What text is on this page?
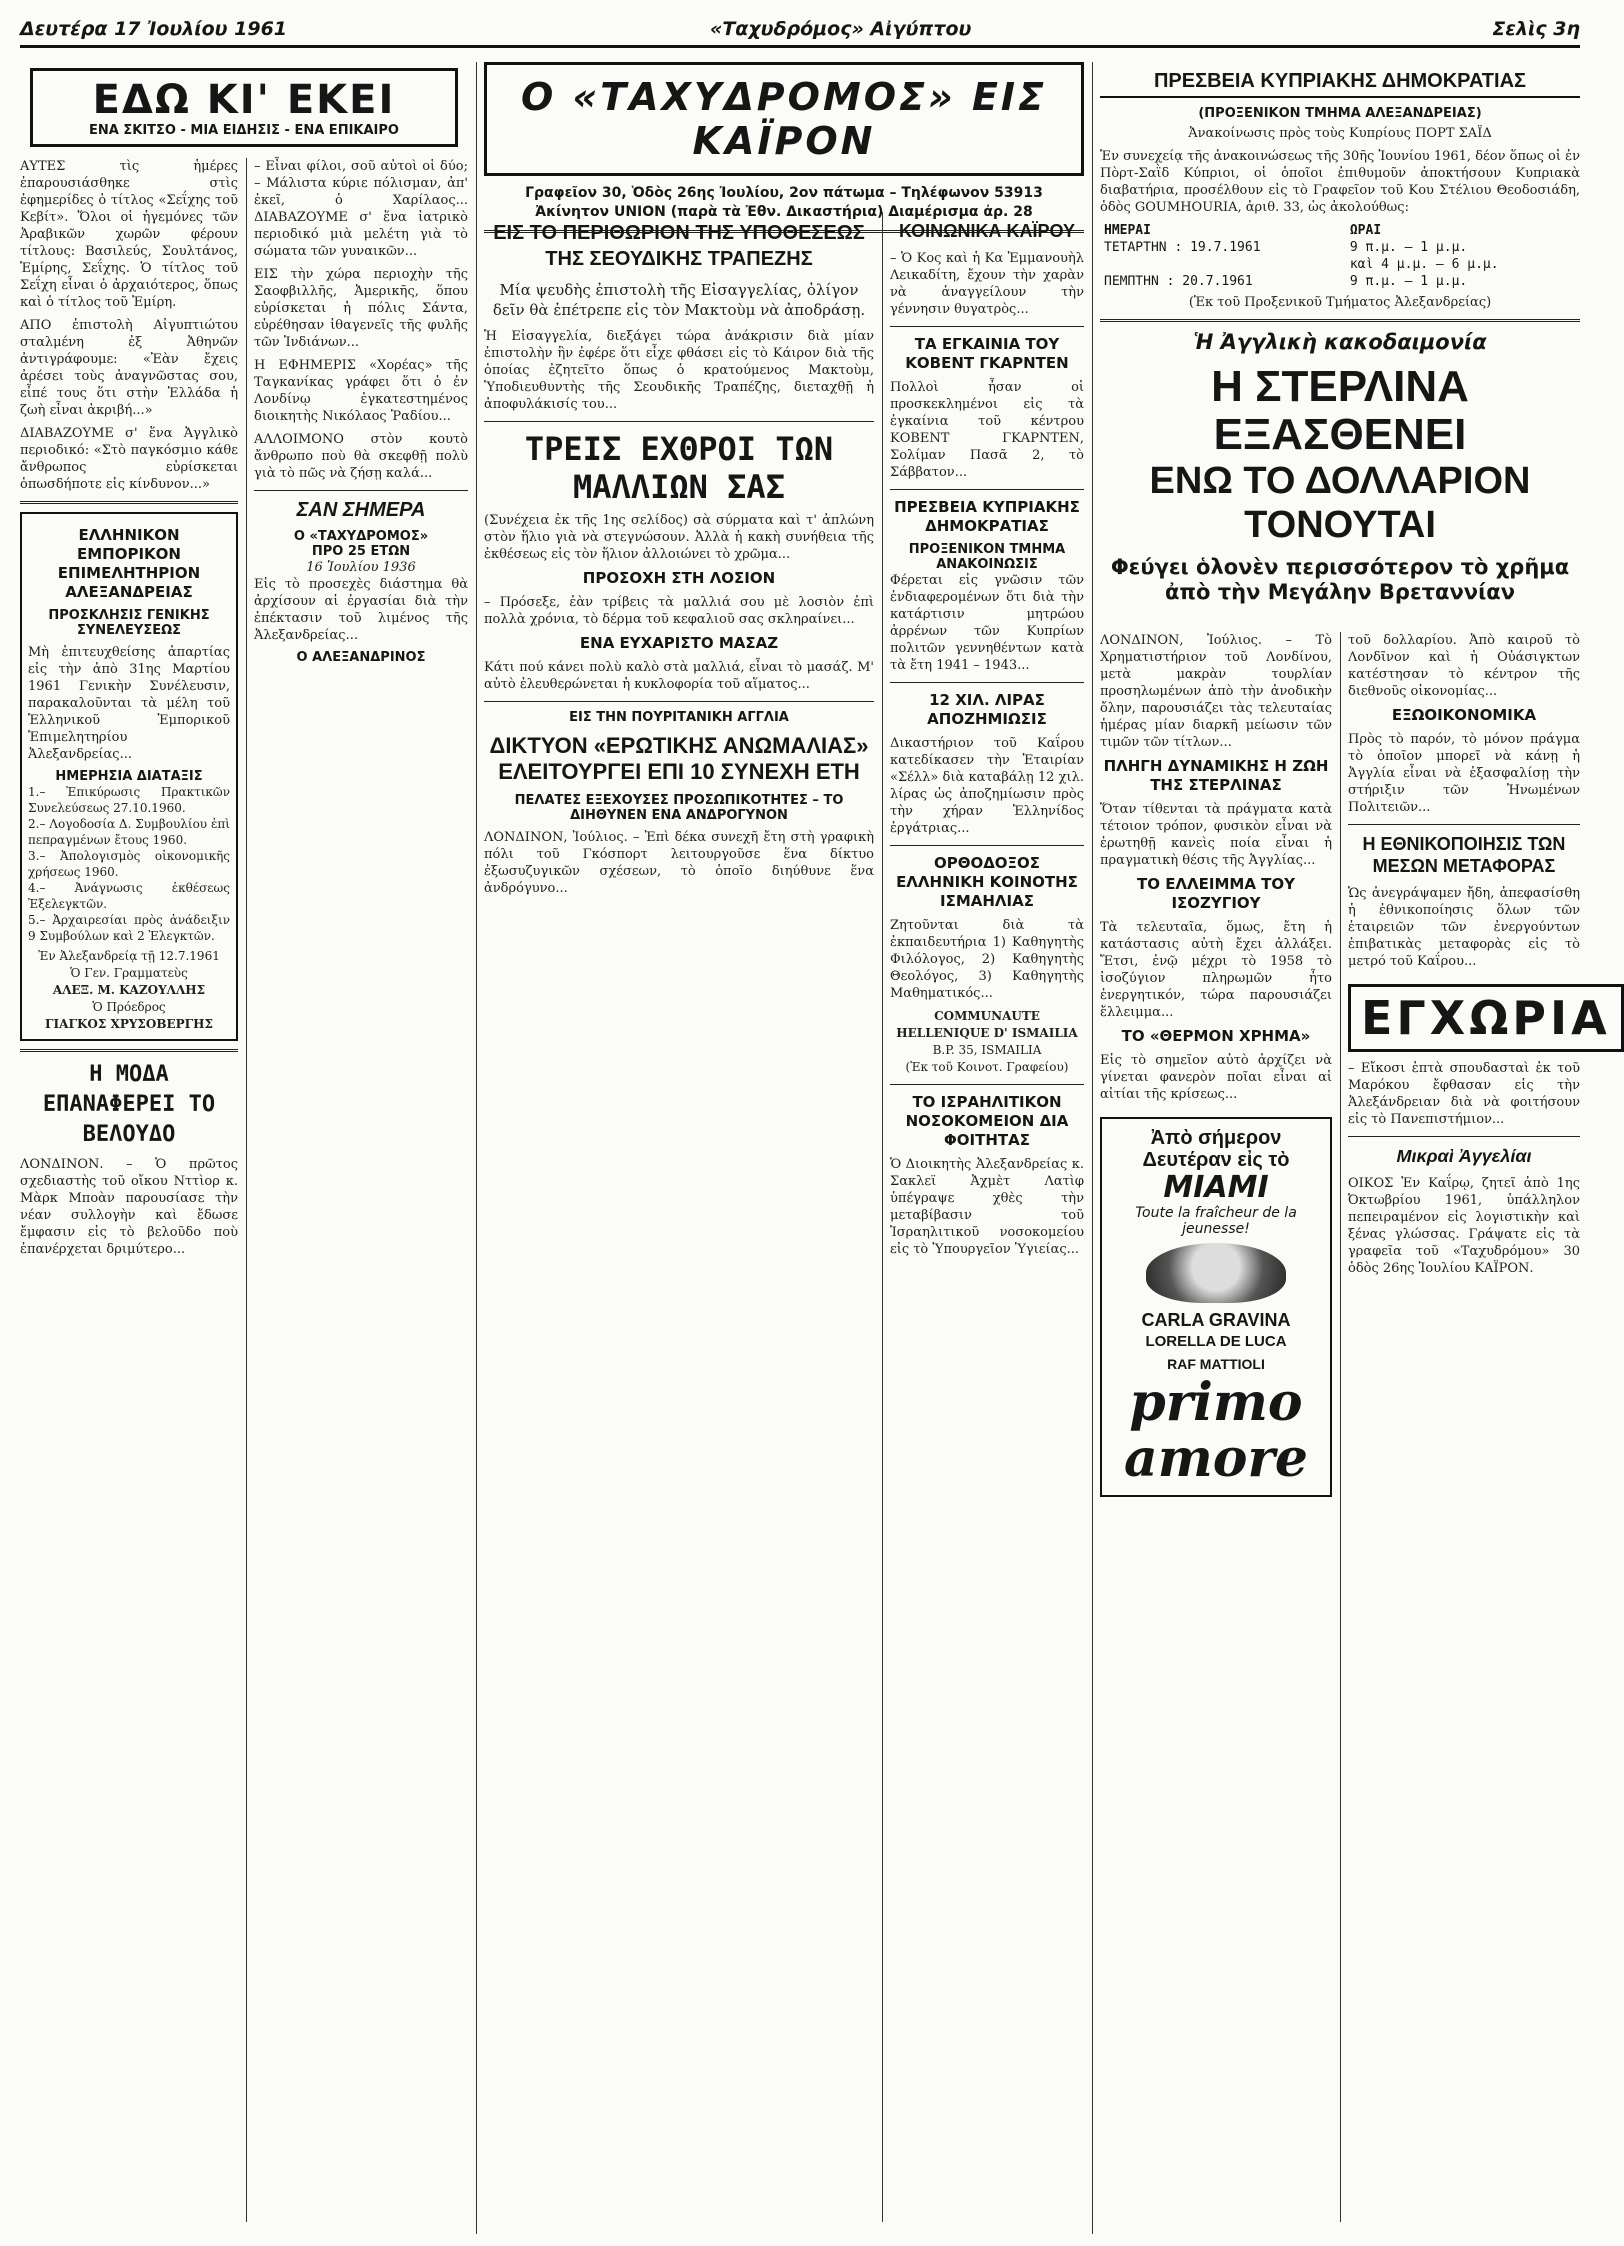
Δευτέρα 17 Ἰουλίου 1961	«Ταχυδρόμος» Αἰγύπτου	Σελὶς 3η
ΕΔΩ ΚΙ' ΕΚΕΙ
ΕΝΑ ΣΚΙΤΣΟ - ΜΙΑ ΕΙΔΗΣΙΣ - ΕΝΑ ΕΠΙΚΑΙΡΟ

ΑΥΤΕΣ τὶς ἡμέρες ἐπαρουσιάσθηκε στὶς ἐφημερίδες ὁ τίτλος «Σεΐχης τοῦ Κεβίτ». Ὅλοι οἱ ἡγεμόνες τῶν Ἀραβικῶν χωρῶν φέρουν τίτλους: Βασιλεύς, Σουλτάνος, Ἐμίρης, Σεΐχης. Ὁ τίτλος τοῦ Σεΐχη εἶναι ὁ ἀρχαιότερος, ὅπως καὶ ὁ τίτλος τοῦ Ἐμίρη.

ΑΠΟ ἐπιστολὴ Αἰγυπτιώτου σταλμένη ἐξ Ἀθηνῶν ἀντιγράφουμε: «Ἐὰν ἔχεις ἀρέσει τοὺς ἀναγνῶστας σου, εἶπέ τους ὅτι στὴν Ἑλλάδα ἡ ζωὴ εἶναι ἀκριβή...»

ΔΙΑΒΑΖΟΥΜΕ σ' ἕνα Ἀγγλικὸ περιοδικό: «Στὸ παγκόσμιο κάθε ἄνθρωπος εὑρίσκεται ὁπωσδήποτε εἰς κίνδυνον...»

ΕΛΛΗΝΙΚΟΝ ΕΜΠΟΡΙΚΟΝ ΕΠΙΜΕΛΗΤΗΡΙΟΝ ΑΛΕΞΑΝΔΡΕΙΑΣ
ΠΡΟΣΚΛΗΣΙΣ ΓΕΝΙΚΗΣ ΣΥΝΕΛΕΥΣΕΩΣ

Μὴ ἐπιτευχθείσης ἀπαρτίας εἰς τὴν ἀπὸ 31ης Μαρτίου 1961 Γενικὴν Συνέλευσιν, παρακαλοῦνται τὰ μέλη τοῦ Ἑλληνικοῦ Ἐμπορικοῦ Ἐπιμελητηρίου Ἀλεξανδρείας...

ΗΜΕΡΗΣΙΑ ΔΙΑΤΑΞΙΣ
1.– Ἐπικύρωσις Πρακτικῶν Συνελεύσεως 27.10.1960.
2.– Λογοδοσία Δ. Συμβουλίου ἐπὶ πεπραγμένων ἔτους 1960.
3.– Ἀπολογισμὸς οἰκονομικῆς χρήσεως 1960.
4.– Ἀνάγνωσις ἐκθέσεως Ἐξελεγκτῶν.
5.– Ἀρχαιρεσίαι πρὸς ἀνάδειξιν 9 Συμβούλων καὶ 2 Ἐλεγκτῶν.
Ἐν Ἀλεξανδρείᾳ τῇ 12.7.1961
Ὁ Γεν. Γραμματεὺς
ΑΛΕΞ. Μ. ΚΑΖΟΥΛΛΗΣ
Ὁ Πρόεδρος
ΓΙΑΓΚΟΣ ΧΡΥΣΟΒΕΡΓΗΣ
Η ΜΟΔΑ ΕΠΑΝΑΦΕΡΕΙ ΤΟ ΒΕΛΟΥΔΟ

ΛΟΝΔΙΝΟΝ. – Ὁ πρῶτος σχεδιαστὴς τοῦ οἴκου Νττὶορ κ. Μὰρκ Μποὰν παρουσίασε τὴν νέαν συλλογὴν καὶ ἔδωσε ἔμφασιν εἰς τὸ βελοῦδο ποὺ ἐπανέρχεται δριμύτερο...

– Εἶναι φίλοι, σοῦ αὐτοὶ οἱ δύο; – Μάλιστα κύριε πόλισμαν, ἀπ' ἐκεῖ, ὁ Χαρίλαος... ΔΙΑΒΑΖΟΥΜΕ σ' ἕνα ἰατρικὸ περιοδικό μιὰ μελέτη γιὰ τὸ σώματα τῶν γυναικῶν...

ΕΙΣ τὴν χώρα περιοχὴν τῆς Σαοφβιλλῆς, Ἀμερικῆς, ὅπου εὑρίσκεται ἡ πόλις Σάντα, εὑρέθησαν ἰθαγενεῖς τῆς φυλῆς τῶν Ἰνδιάνων...

Η ΕΦΗΜΕΡΙΣ «Χορέας» τῆς Ταγκανίκας γράφει ὅτι ὁ ἐν Λονδίνῳ ἐγκατεστημένος διοικητὴς Νικόλαος Ῥαδίου...

ΑΛΛΟΙΜΟΝΟ στὸν κουτὸ ἄνθρωπο ποὺ θὰ σκεφθῇ πολὺ γιὰ τὸ πῶς νὰ ζήσῃ καλά...

ΣΑΝ ΣΗΜΕΡΑ
Ο «ΤΑΧΥΔΡΟΜΟΣ»
ΠΡΟ 25 ΕΤΩΝ
16 Ἰουλίου 1936

Εἰς τὸ προσεχὲς διάστημα θὰ ἀρχίσουν αἱ ἐργασίαι διὰ τὴν ἐπέκτασιν τοῦ λιμένος τῆς Ἀλεξανδρείας...

Ο ΑΛΕΞΑΝΔΡΙΝΟΣ
Ο «ΤΑΧΥΔΡΟΜΟΣ» ΕΙΣ ΚΑΪΡΟΝ
Γραφεῖον 30, Ὁδὸς 26ης Ἰουλίου, 2ον πάτωμα – Τηλέφωνον 53913
Ἀκίνητον UNION (παρὰ τὰ Ἐθν. Δικαστήρια) Διαμέρισμα ἀρ. 28
ΕΙΣ ΤΟ ΠΕΡΙΘΩΡΙΟΝ ΤΗΣ ΥΠΟΘΕΣΕΩΣ ΤΗΣ ΣΕΟΥΔΙΚΗΣ ΤΡΑΠΕΖΗΣ
Μία ψευδὴς ἐπιστολὴ τῆς Εἰσαγγελίας, ὀλίγον δεῖν θὰ ἐπέτρεπε εἰς τὸν Μακτοὺμ νὰ ἀποδράσῃ.

Ἡ Εἰσαγγελία, διεξάγει τώρα ἀνάκρισιν διὰ μίαν ἐπιστολὴν ἣν ἐφέρε ὅτι εἶχε φθάσει εἰς τὸ Κάιρον διὰ τῆς ὁποίας ἐζητεῖτο ὅπως ὁ κρατούμενος Μακτοὺμ, Ὑποδιευθυντὴς τῆς Σεουδικῆς Τραπέζης, διεταχθῇ ἡ ἀποφυλάκισίς του...

ΤΡΕΙΣ ΕΧΘΡΟΙ ΤΩΝ ΜΑΛΛΙΩΝ ΣΑΣ

(Συνέχεια ἐκ τῆς 1ης σελίδος) σὰ σύρματα καὶ τ' ἀπλώνη στὸν ἥλιο γιὰ νὰ στεγνώσουν. Ἀλλὰ ἡ κακὴ συνήθεια τῆς ἐκθέσεως εἰς τὸν ἥλιον ἀλλοιώνει τὸ χρῶμα...

ΠΡΟΣΟΧΗ ΣΤΗ ΛΟΣΙΟΝ

– Πρόσεξε, ἐὰν τρίβεις τὰ μαλλιά σου μὲ λοσιὸν ἐπὶ πολλὰ χρόνια, τὸ δέρμα τοῦ κεφαλιοῦ σας σκληραίνει...

ΕΝΑ ΕΥΧΑΡΙΣΤΟ ΜΑΣΑΖ

Κάτι πού κάνει πολὺ καλὸ στὰ μαλλιά, εἶναι τὸ μασάζ. Μ' αὐτὸ ἐλευθερώνεται ἡ κυκλοφορία τοῦ αἵματος...

ΕΙΣ ΤΗΝ ΠΟΥΡΙΤΑΝΙΚΗ ΑΓΓΛΙΑ
ΔΙΚΤΥΟΝ «ΕΡΩΤΙΚΗΣ ΑΝΩΜΑΛΙΑΣ» ΕΛΕΙΤΟΥΡΓΕΙ ΕΠΙ 10 ΣΥΝΕΧΗ ΕΤΗ
ΠΕΛΑΤΕΣ ΕΞΕΧΟΥΣΕΣ ΠΡΟΣΩΠΙΚΟΤΗΤΕΣ – ΤΟ ΔΙΗΘΥΝΕΝ ΕΝΑ ΑΝΔΡΟΓΥΝΟΝ

ΛΟΝΔΙΝΟΝ, Ἰούλιος. – Ἐπὶ δέκα συνεχῆ ἔτη στὴ γραφικὴ πόλι τοῦ Γκόσπορτ λειτουργοῦσε ἕνα δίκτυο ἐξωσυζυγικῶν σχέσεων, τὸ ὁποῖο διηύθυνε ἕνα ἀνδρόγυνο...

ΚΟΙΝΩΝΙΚΑ ΚΑΪΡΟΥ

– Ὁ Κος καὶ ἡ Κα Ἐμμανουὴλ Λεικαδίτη, ἔχουν τὴν χαρὰν νὰ ἀναγγείλουν τὴν γέννησιν θυγατρὸς...

ΤΑ ΕΓΚΑΙΝΙΑ ΤΟΥ ΚΟΒΕΝΤ ΓΚΑΡΝΤΕΝ

Πολλοὶ ἦσαν οἱ προσκεκλημένοι εἰς τὰ ἐγκαίνια τοῦ κέντρου ΚΟΒΕΝΤ ΓΚΑΡΝΤΕΝ, Σολίμαν Πασᾶ 2, τὸ Σάββατον...

ΠΡΕΣΒΕΙΑ ΚΥΠΡΙΑΚΗΣ ΔΗΜΟΚΡΑΤΙΑΣ
ΠΡΟΞΕΝΙΚΟΝ ΤΜΗΜΑ
ΑΝΑΚΟΙΝΩΣΙΣ

Φέρεται εἰς γνῶσιν τῶν ἐνδιαφερομένων ὅτι διὰ τὴν κατάρτισιν μητρώου ἀρρένων τῶν Κυπρίων πολιτῶν γεννηθέντων κατὰ τὰ ἔτη 1941 – 1943...

12 ΧΙΛ. ΛΙΡΑΣ ΑΠΟΖΗΜΙΩΣΙΣ

Δικαστήριον τοῦ Καΐρου κατεδίκασεν τὴν Ἑταιρίαν «Σέλλ» διὰ καταβάλῃ 12 χιλ. λίρας ὡς ἀποζημίωσιν πρὸς τὴν χήραν Ἑλληνίδος ἐργάτριας...

ΟΡΘΟΔΟΞΟΣ ΕΛΛΗΝΙΚΗ ΚΟΙΝΟΤΗΣ ΙΣΜΑΗΛΙΑΣ

Ζητοῦνται διὰ τὰ ἐκπαιδευτήρια 1) Καθηγητὴς Φιλόλογος, 2) Καθηγητὴς Θεολόγος, 3) Καθηγητὴς Μαθηματικός...

COMMUNAUTE HELLENIQUE D' ISMAILIA
B.P. 35, ISMAILIA
(Ἐκ τοῦ Κοινοτ. Γραφείου)
ΤΟ ΙΣΡΑΗΛΙΤΙΚΟΝ ΝΟΣΟΚΟΜΕΙΟΝ ΔΙΑ ΦΟΙΤΗΤΑΣ

Ὁ Διοικητὴς Ἀλεξανδρείας κ. Σακλεϊ Ἀχμὲτ Λατὶφ ὑπέγραψε χθὲς τὴν μεταβίβασιν τοῦ Ἰσραηλιτικοῦ νοσοκομείου εἰς τὸ Ὑπουργεῖον Ὑγιείας...

ΠΡΕΣΒΕΙΑ ΚΥΠΡΙΑΚΗΣ ΔΗΜΟΚΡΑΤΙΑΣ
(ΠΡΟΞΕΝΙΚΟΝ ΤΜΗΜΑ ΑΛΕΞΑΝΔΡΕΙΑΣ)
Ἀνακοίνωσις πρὸς τοὺς Κυπρίους ΠΟΡΤ ΣΑΪΔ

Ἐν συνεχείᾳ τῆς ἀνακοινώσεως τῆς 30ῆς Ἰουνίου 1961, δέον ὅπως οἱ ἐν Πὸρτ-Σαῒδ Κύπριοι, οἱ ὁποῖοι ἐπιθυμοῦν ἀποκτήσουν Κυπριακὰ διαβατήρια, προσέλθουν εἰς τὸ Γραφεῖον τοῦ Κου Στέλιου Θεοδοσιάδη, ὁδὸς GOUMHOURIA, ἀριθ. 33, ὡς ἀκολούθως:

ΗΜΕΡΑΙ	ΩΡΑΙ
ΤΕΤΑΡΤΗΝ : 19.7.1961	9 π.μ. – 1 μ.μ.
	καὶ 4 μ.μ. – 6 μ.μ.
ΠΕΜΠΤΗΝ : 20.7.1961	9 π.μ. – 1 μ.μ.
(Ἐκ τοῦ Προξενικοῦ Τμήματος Ἀλεξανδρείας)
Ἡ Ἀγγλικὴ κακοδαιμονία
Η ΣΤΕΡΛΙΝΑ ΕΞΑΣΘΕΝΕΙ
ΕΝΩ ΤΟ ΔΟΛΛΑΡΙΟΝ ΤΟΝΟΥΤΑΙ
Φεύγει ὁλονὲν περισσότερον τὸ χρῆμα ἀπὸ τὴν Μεγάλην Βρεταννίαν

ΛΟΝΔΙΝΟΝ, Ἰούλιος. – Τὸ Χρηματιστήριον τοῦ Λονδίνου, μετὰ μακρὰν τουρλίαν προσηλωμένων ἀπὸ τὴν ἀνοδικὴν ὄλην, παρουσιάζει τὰς τελευταίας ἡμέρας μίαν διαρκῆ μείωσιν τῶν τιμῶν τῶν τίτλων...

ΠΛΗΓΗ ΔΥΝΑΜΙΚΗΣ Η ΖΩΗ ΤΗΣ ΣΤΕΡΛΙΝΑΣ

Ὅταν τίθενται τὰ πράγματα κατὰ τέτοιον τρόπον, φυσικὸν εἶναι νὰ ἐρωτηθῇ κανεὶς ποία εἶναι ἡ πραγματικὴ θέσις τῆς Ἀγγλίας...

ΤΟ ΕΛΛΕΙΜΜΑ ΤΟΥ ΙΣΟΖΥΓΙΟΥ

Τὰ τελευταῖα, ὅμως, ἔτη ἡ κατάστασις αὐτὴ ἔχει ἀλλάξει. Ἔτσι, ἐνῷ μέχρι τὸ 1958 τὸ ἰσοζύγιον πληρωμῶν ἦτο ἐνεργητικόν, τώρα παρουσιάζει ἔλλειμμα...

ΤΟ «ΘΕΡΜΟΝ ΧΡΗΜΑ»

Εἰς τὸ σημεῖον αὐτὸ ἀρχίζει νὰ γίνεται φανερὸν ποῖαι εἶναι αἱ αἰτίαι τῆς κρίσεως...

Ἀπὸ σήμερον Δευτέραν εἰς τὸ
MIAMI
Toute la fraîcheur de la jeunesse!
CARLA GRAVINA
LORELLA DE LUCA
RAF MATTIOLI
primo amore

τοῦ δολλαρίου. Ἀπὸ καιροῦ τὸ Λονδῖνον καὶ ἡ Οὐάσιγκτων κατέστησαν τὸ κέντρον τῆς διεθνοῦς οἰκονομίας...

ΕΞΩΟΙΚΟΝΟΜΙΚΑ

Πρὸς τὸ παρόν, τὸ μόνον πράγμα τὸ ὁποῖον μπορεῖ νὰ κάνῃ ἡ Ἀγγλία εἶναι νὰ ἐξασφαλίσῃ τὴν στήριξιν τῶν Ἡνωμένων Πολιτειῶν...

Η ΕΘΝΙΚΟΠΟΙΗΣΙΣ ΤΩΝ ΜΕΣΩΝ ΜΕΤΑΦΟΡΑΣ

Ὡς ἀνεγράψαμεν ἤδη, ἀπεφασίσθη ἡ ἐθνικοποίησις ὅλων τῶν ἑταιρειῶν τῶν ἐνεργούντων ἐπιβατικὰς μεταφορὰς εἰς τὸ μετρό τοῦ Καΐρου...

ΕΓΧΩΡΙΑ

– Εἴκοσι ἑπτὰ σπουδασταὶ ἐκ τοῦ Μαρόκου ἔφθασαν εἰς τὴν Ἀλεξάνδρειαν διὰ νὰ φοιτήσουν εἰς τὸ Πανεπιστήμιον...

Μικραὶ Ἀγγελίαι

ΟΙΚΟΣ Ἐν Καΐρῳ, ζητεῖ ἀπὸ 1ης Ὀκτωβρίου 1961, ὑπάλληλον πεπειραμένον εἰς λογιστικὴν καὶ ξένας γλώσσας. Γράψατε εἰς τὰ γραφεῖα τοῦ «Ταχυδρόμου» 30 ὁδὸς 26ης Ἰουλίου ΚΑΪΡΟΝ.
